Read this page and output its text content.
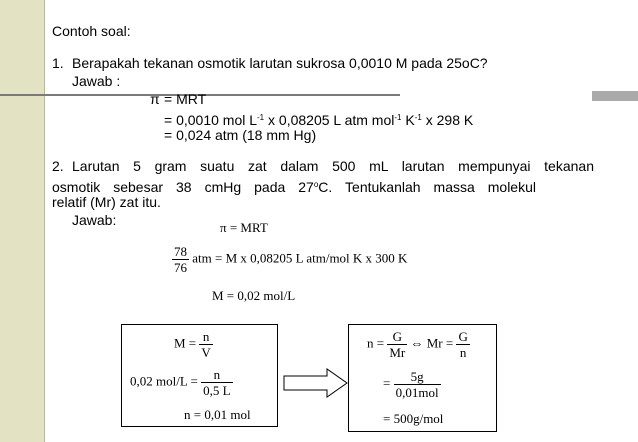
Contoh soal:
1. Berapakah tekanan osmotik larutan sukrosa 0,0010 M pada 25oC?
Jawab :
π = MRT
= 0,0010 mol $L^{-1}$ x 0,08205 L atm mol$^{-1}$ $K^{-1}$ x 298 K
= 0,024 atm (18 mm Hg)
2. Larutan 5 gram suatu zat dalam 500 mL larutan mempunyai tekanan
osmotik sebesar 38 cmHg pada 27$^o$C. Tentukanlah massa molekul
relatif (Mr) zat itu.
Jawab:	π = MRT
$\frac{78}{76}$ atm = M x 0,08205 L atm/mol K x 300 K
M = 0,02 mol/L
$M = \frac{n}{V}$
0,02 $mol/L = \frac{n}{0,5 L}$
n = 0,01 mol
$n = \frac{G}{Mr}$ ⇔ $Mr = \frac{G}{n}$
= $\frac{5g}{\text{0,01mol}}$
= 500g/mol
